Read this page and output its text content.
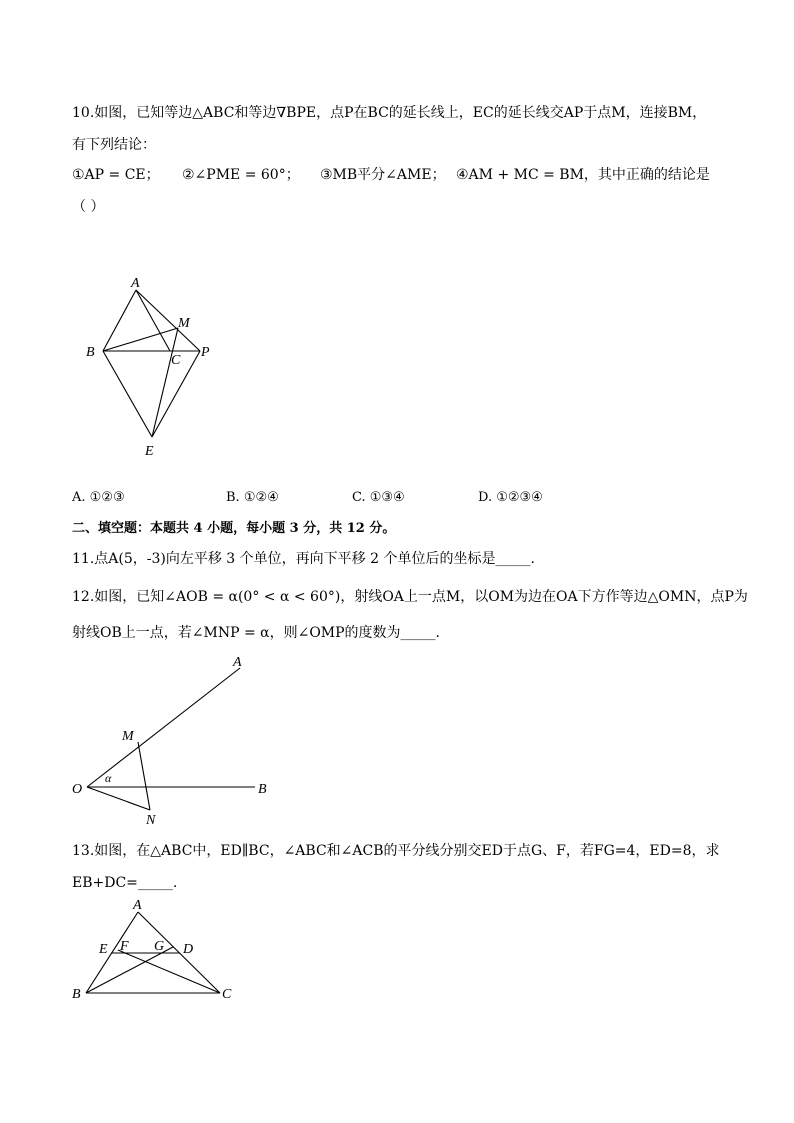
10.如图，已知等边△ABC和等边∇BPE，点P在BC的延长线上，EC的延长线交AP于点M，连接BM，
有下列结论：
①AP = CE； ②∠PME = 60°； ③MB平分∠AME； ④AM + MC = BM，其中正确的结论是
（ ）
A
M
B
C
P
E
A. ①②③	B. ①②④	C. ①③④	D. ①②③④
二、填空题：本题共 4 小题，每小题 3 分，共 12 分。
11.点A(5，-3)向左平移 3 个单位，再向下平移 2 个单位后的坐标是_____.
12.如图，已知∠AOB = α(0° < α < 60°)，射线OA上一点M，以OM为边在OA下方作等边△OMN，点P为
射线OB上一点，若∠MNP = α，则∠OMP的度数为_____.
A
M
O
α
B
N
13.如图，在△ABC中，ED∥BC，∠ABC和∠ACB的平分线分别交ED于点G、F，若FG=4，ED=8，求
EB+DC=_____.
A
E F G D
B	C
